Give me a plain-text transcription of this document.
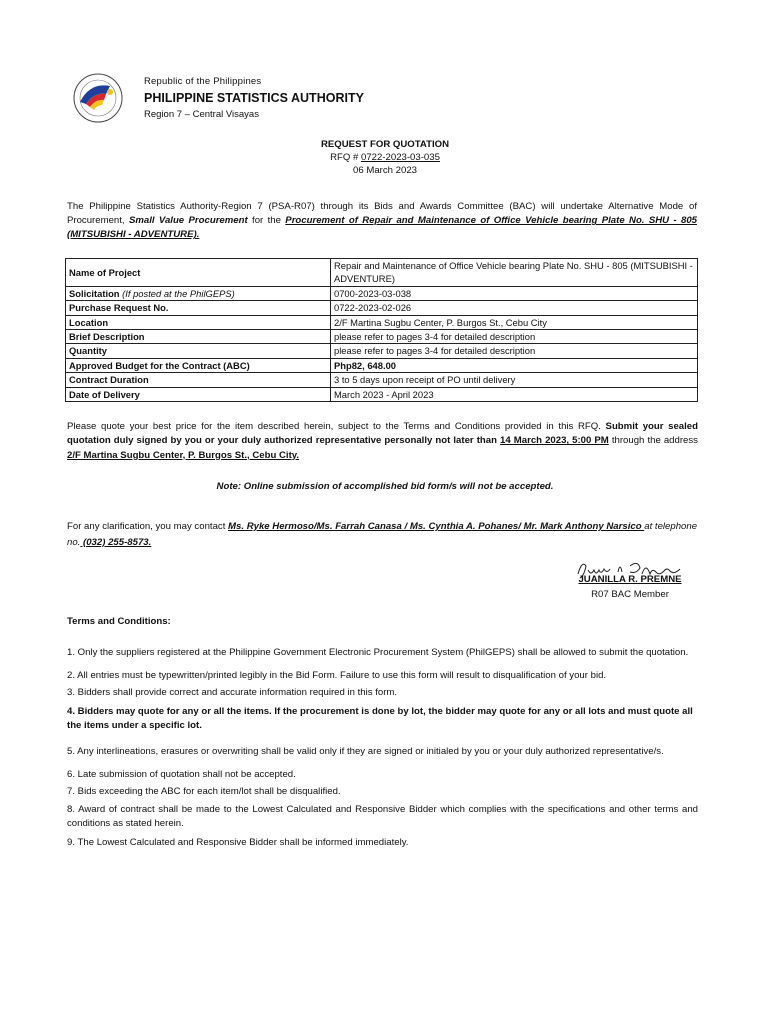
Republic of the Philippines
PHILIPPINE STATISTICS AUTHORITY
Region 7 – Central Visayas
REQUEST FOR QUOTATION
RFQ # 0722-2023-03-035
06 March 2023
The Philippine Statistics Authority-Region 7 (PSA-R07) through its Bids and Awards Committee (BAC) will undertake Alternative Mode of Procurement, Small Value Procurement for the Procurement of Repair and Maintenance of Office Vehicle bearing Plate No. SHU - 805 (MITSUBISHI - ADVENTURE).
Name of Project	Repair and Maintenance of Office Vehicle bearing Plate No. SHU - 805 (MITSUBISHI - ADVENTURE)
Solicitation (If posted at the PhilGEPS)	0700-2023-03-038
Purchase Request No.	0722-2023-02-026
Location	2/F Martina Sugbu Center, P. Burgos St., Cebu City
Brief Description	please refer to pages 3-4 for detailed description
Quantity	please refer to pages 3-4 for detailed description
Approved Budget for the Contract (ABC)	Php82, 648.00
Contract Duration	3 to 5 days upon receipt of PO until delivery
Date of Delivery	March 2023 - April 2023
Please quote your best price for the item described herein, subject to the Terms and Conditions provided in this RFQ. Submit your sealed quotation duly signed by you or your duly authorized representative personally not later than 14 March 2023, 5:00 PM through the address 2/F Martina Sugbu Center, P. Burgos St., Cebu City.
Note: Online submission of accomplished bid form/s will not be accepted.
For any clarification, you may contact Ms. Ryke Hermoso/Ms. Farrah Canasa / Ms. Cynthia A. Pohanes/ Mr. Mark Anthony Narsico at telephone no. (032) 255-8573.
JUANILLA R. PREMNE
R07 BAC Member
Terms and Conditions:
1. Only the suppliers registered at the Philippine Government Electronic Procurement System (PhilGEPS) shall be allowed to submit the quotation.
2. All entries must be typewritten/printed legibly in the Bid Form. Failure to use this form will result to disqualification of your bid.
3. Bidders shall provide correct and accurate information required in this form.
4. Bidders may quote for any or all the items. If the procurement is done by lot, the bidder may quote for any or all lots and must quote all the items under a specific lot.
5. Any interlineations, erasures or overwriting shall be valid only if they are signed or initialed by you or your duly authorized representative/s.
6. Late submission of quotation shall not be accepted.
7. Bids exceeding the ABC for each item/lot shall be disqualified.
8. Award of contract shall be made to the Lowest Calculated and Responsive Bidder which complies with the specifications and other terms and conditions as stated herein.
9. The Lowest Calculated and Responsive Bidder shall be informed immediately.
